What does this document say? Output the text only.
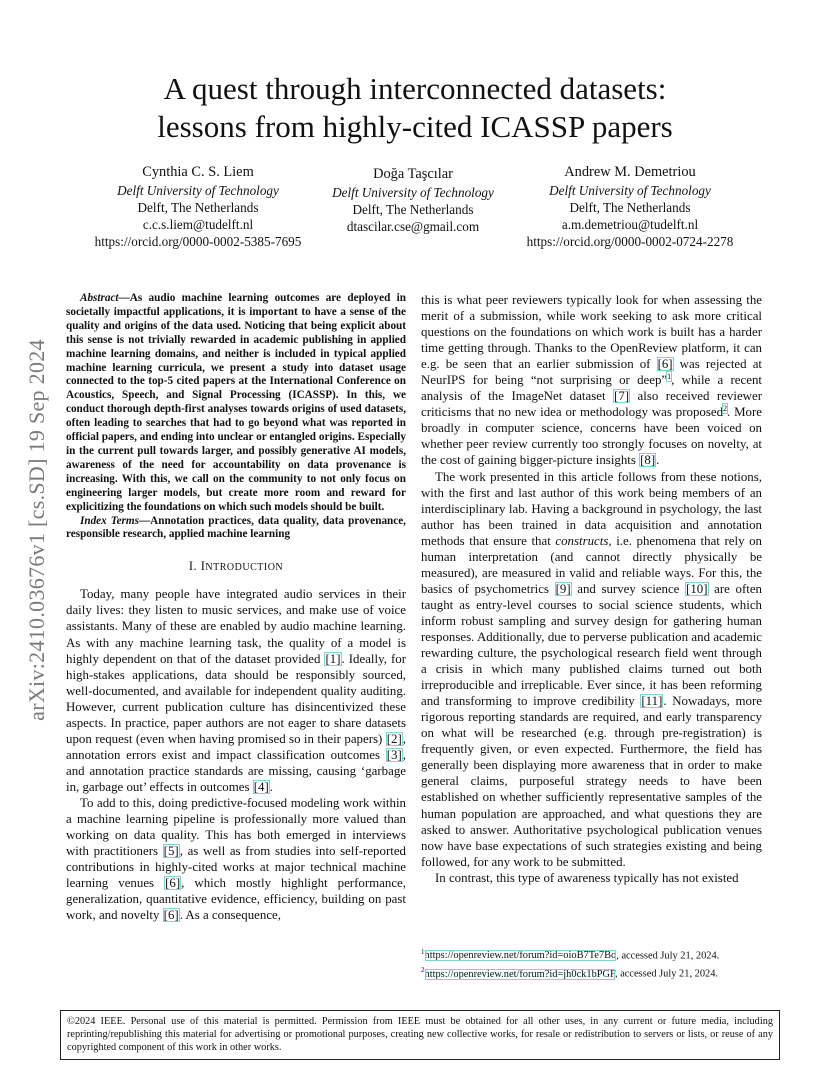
arXiv:2410.03676v1 [cs.SD] 19 Sep 2024
A quest through interconnected datasets:
lessons from highly-cited ICASSP papers
Cynthia C. S. Liem
Delft University of Technology
Delft, The Netherlands
c.c.s.liem@tudelft.nl
https://orcid.org/0000-0002-5385-7695
Doğa Taşcılar
Delft University of Technology
Delft, The Netherlands
dtascilar.cse@gmail.com
Andrew M. Demetriou
Delft University of Technology
Delft, The Netherlands
a.m.demetriou@tudelft.nl
https://orcid.org/0000-0002-0724-2278

Abstract—As audio machine learning outcomes are deployed in societally impactful applications, it is important to have a sense of the quality and origins of the data used. Noticing that being explicit about this sense is not trivially rewarded in academic publishing in applied machine learning domains, and neither is included in typical applied machine learning curricula, we present a study into dataset usage connected to the top-5 cited papers at the International Conference on Acoustics, Speech, and Signal Processing (ICASSP). In this, we conduct thorough depth-first analyses towards origins of used datasets, often leading to searches that had to go beyond what was reported in official papers, and ending into unclear or entangled origins. Especially in the current pull towards larger, and possibly generative AI models, awareness of the need for accountability on data provenance is increasing. With this, we call on the community to not only focus on engineering larger models, but create more room and reward for explicitizing the foundations on which such models should be built.

Index Terms—Annotation practices, data quality, data provenance, responsible research, applied machine learning

I. INTRODUCTION

Today, many people have integrated audio services in their daily lives: they listen to music services, and make use of voice assistants. Many of these are enabled by audio machine learning. As with any machine learning task, the quality of a model is highly dependent on that of the dataset provided [1]. Ideally, for high-stakes applications, data should be responsibly sourced, well-documented, and available for independent quality auditing. However, current publication culture has disincentivized these aspects. In practice, paper authors are not eager to share datasets upon request (even when having promised so in their papers) [2], annotation errors exist and impact classification outcomes [3], and annotation practice standards are missing, causing ‘garbage in, garbage out’ effects in outcomes [4].

To add to this, doing predictive-focused modeling work within a machine learning pipeline is professionally more valued than working on data quality. This has both emerged in interviews with practitioners [5], as well as from studies into self-reported contributions in highly-cited works at major technical machine learning venues [6], which mostly highlight performance, generalization, quantitative evidence, efficiency, building on past work, and novelty [6]. As a consequence,

this is what peer reviewers typically look for when assessing the merit of a submission, while work seeking to ask more critical questions on the foundations on which work is built has a harder time getting through. Thanks to the OpenReview platform, it can e.g. be seen that an earlier submission of [6] was rejected at NeurIPS for being “not surprising or deep”$^1$, while a recent analysis of the ImageNet dataset [7] also received reviewer criticisms that no new idea or methodology was proposed$^2$. More broadly in computer science, concerns have been voiced on whether peer review currently too strongly focuses on novelty, at the cost of gaining bigger-picture insights [8].

The work presented in this article follows from these notions, with the first and last author of this work being members of an interdisciplinary lab. Having a background in psychology, the last author has been trained in data acquisition and annotation methods that ensure that constructs, i.e. phenomena that rely on human interpretation (and cannot directly physically be measured), are measured in valid and reliable ways. For this, the basics of psychometrics [9] and survey science [10] are often taught as entry-level courses to social science students, which inform robust sampling and survey design for gathering human responses. Additionally, due to perverse publication and academic rewarding culture, the psychological research field went through a crisis in which many published claims turned out both irreproducible and irreplicable. Ever since, it has been reforming and transforming to improve credibility [11]. Nowadays, more rigorous reporting standards are required, and early transparency on what will be researched (e.g. through pre-registration) is frequently given, or even expected. Furthermore, the field has generally been displaying more awareness that in order to make general claims, purposeful strategy needs to have been established on whether sufficiently representative samples of the human population are approached, and what questions they are asked to answer. Authoritative psychological publication venues now have base expectations of such strategies existing and being followed, for any work to be submitted.

In contrast, this type of awareness typically has not existed

$^1$https://openreview.net/forum?id=oioB7Te7Bo, accessed July 21, 2024.
$^2$https://openreview.net/forum?id=jh0ck1bPGF, accessed July 21, 2024.
©2024 IEEE. Personal use of this material is permitted. Permission from IEEE must be obtained for all other uses, in any current or future media, including reprinting/republishing this material for advertising or promotional purposes, creating new collective works, for resale or redistribution to servers or lists, or reuse of any copyrighted component of this work in other works.
